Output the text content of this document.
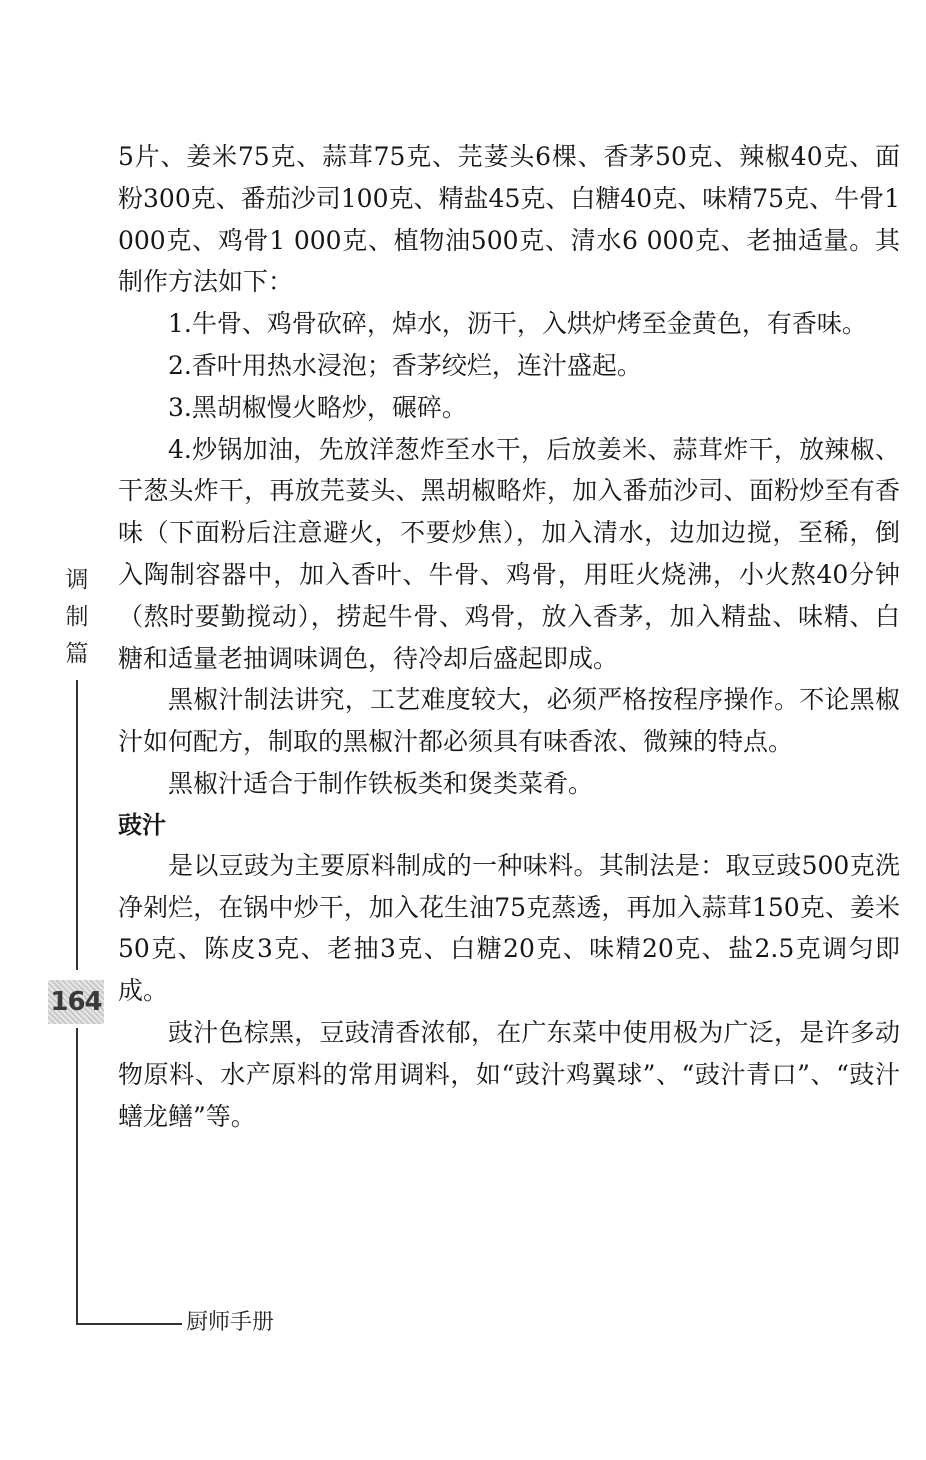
5片、姜米75克、蒜茸75克、芫荽头6棵、香茅50克、辣椒40克、面粉300克、番茄沙司100克、精盐45克、白糖40克、味精75克、牛骨1 000克、鸡骨1 000克、植物油500克、清水6 000克、老抽适量。其制作方法如下：

1.牛骨、鸡骨砍碎，焯水，沥干，入烘炉烤至金黄色，有香味。

2.香叶用热水浸泡；香茅绞烂，连汁盛起。

3.黑胡椒慢火略炒，碾碎。

4.炒锅加油，先放洋葱炸至水干，后放姜米、蒜茸炸干，放辣椒、干葱头炸干，再放芫荽头、黑胡椒略炸，加入番茄沙司、面粉炒至有香味（下面粉后注意避火，不要炒焦），加入清水，边加边搅，至稀，倒入陶制容器中，加入香叶、牛骨、鸡骨，用旺火烧沸，小火熬40分钟（熬时要勤搅动），捞起牛骨、鸡骨，放入香茅，加入精盐、味精、白糖和适量老抽调味调色，待冷却后盛起即成。

黑椒汁制法讲究，工艺难度较大，必须严格按程序操作。不论黑椒汁如何配方，制取的黑椒汁都必须具有味香浓、微辣的特点。

黑椒汁适合于制作铁板类和煲类菜肴。

豉汁

是以豆豉为主要原料制成的一种味料。其制法是：取豆豉500克洗净剁烂，在锅中炒干，加入花生油75克蒸透，再加入蒜茸150克、姜米50克、陈皮3克、老抽3克、白糖20克、味精20克、盐2.5克调匀即成。

豉汁色棕黑，豆豉清香浓郁，在广东菜中使用极为广泛，是许多动物原料、水产原料的常用调料，如“豉汁鸡翼球”、“豉汁青口”、“豉汁蟮龙鳝”等。

调
制
篇
164
厨师手册
